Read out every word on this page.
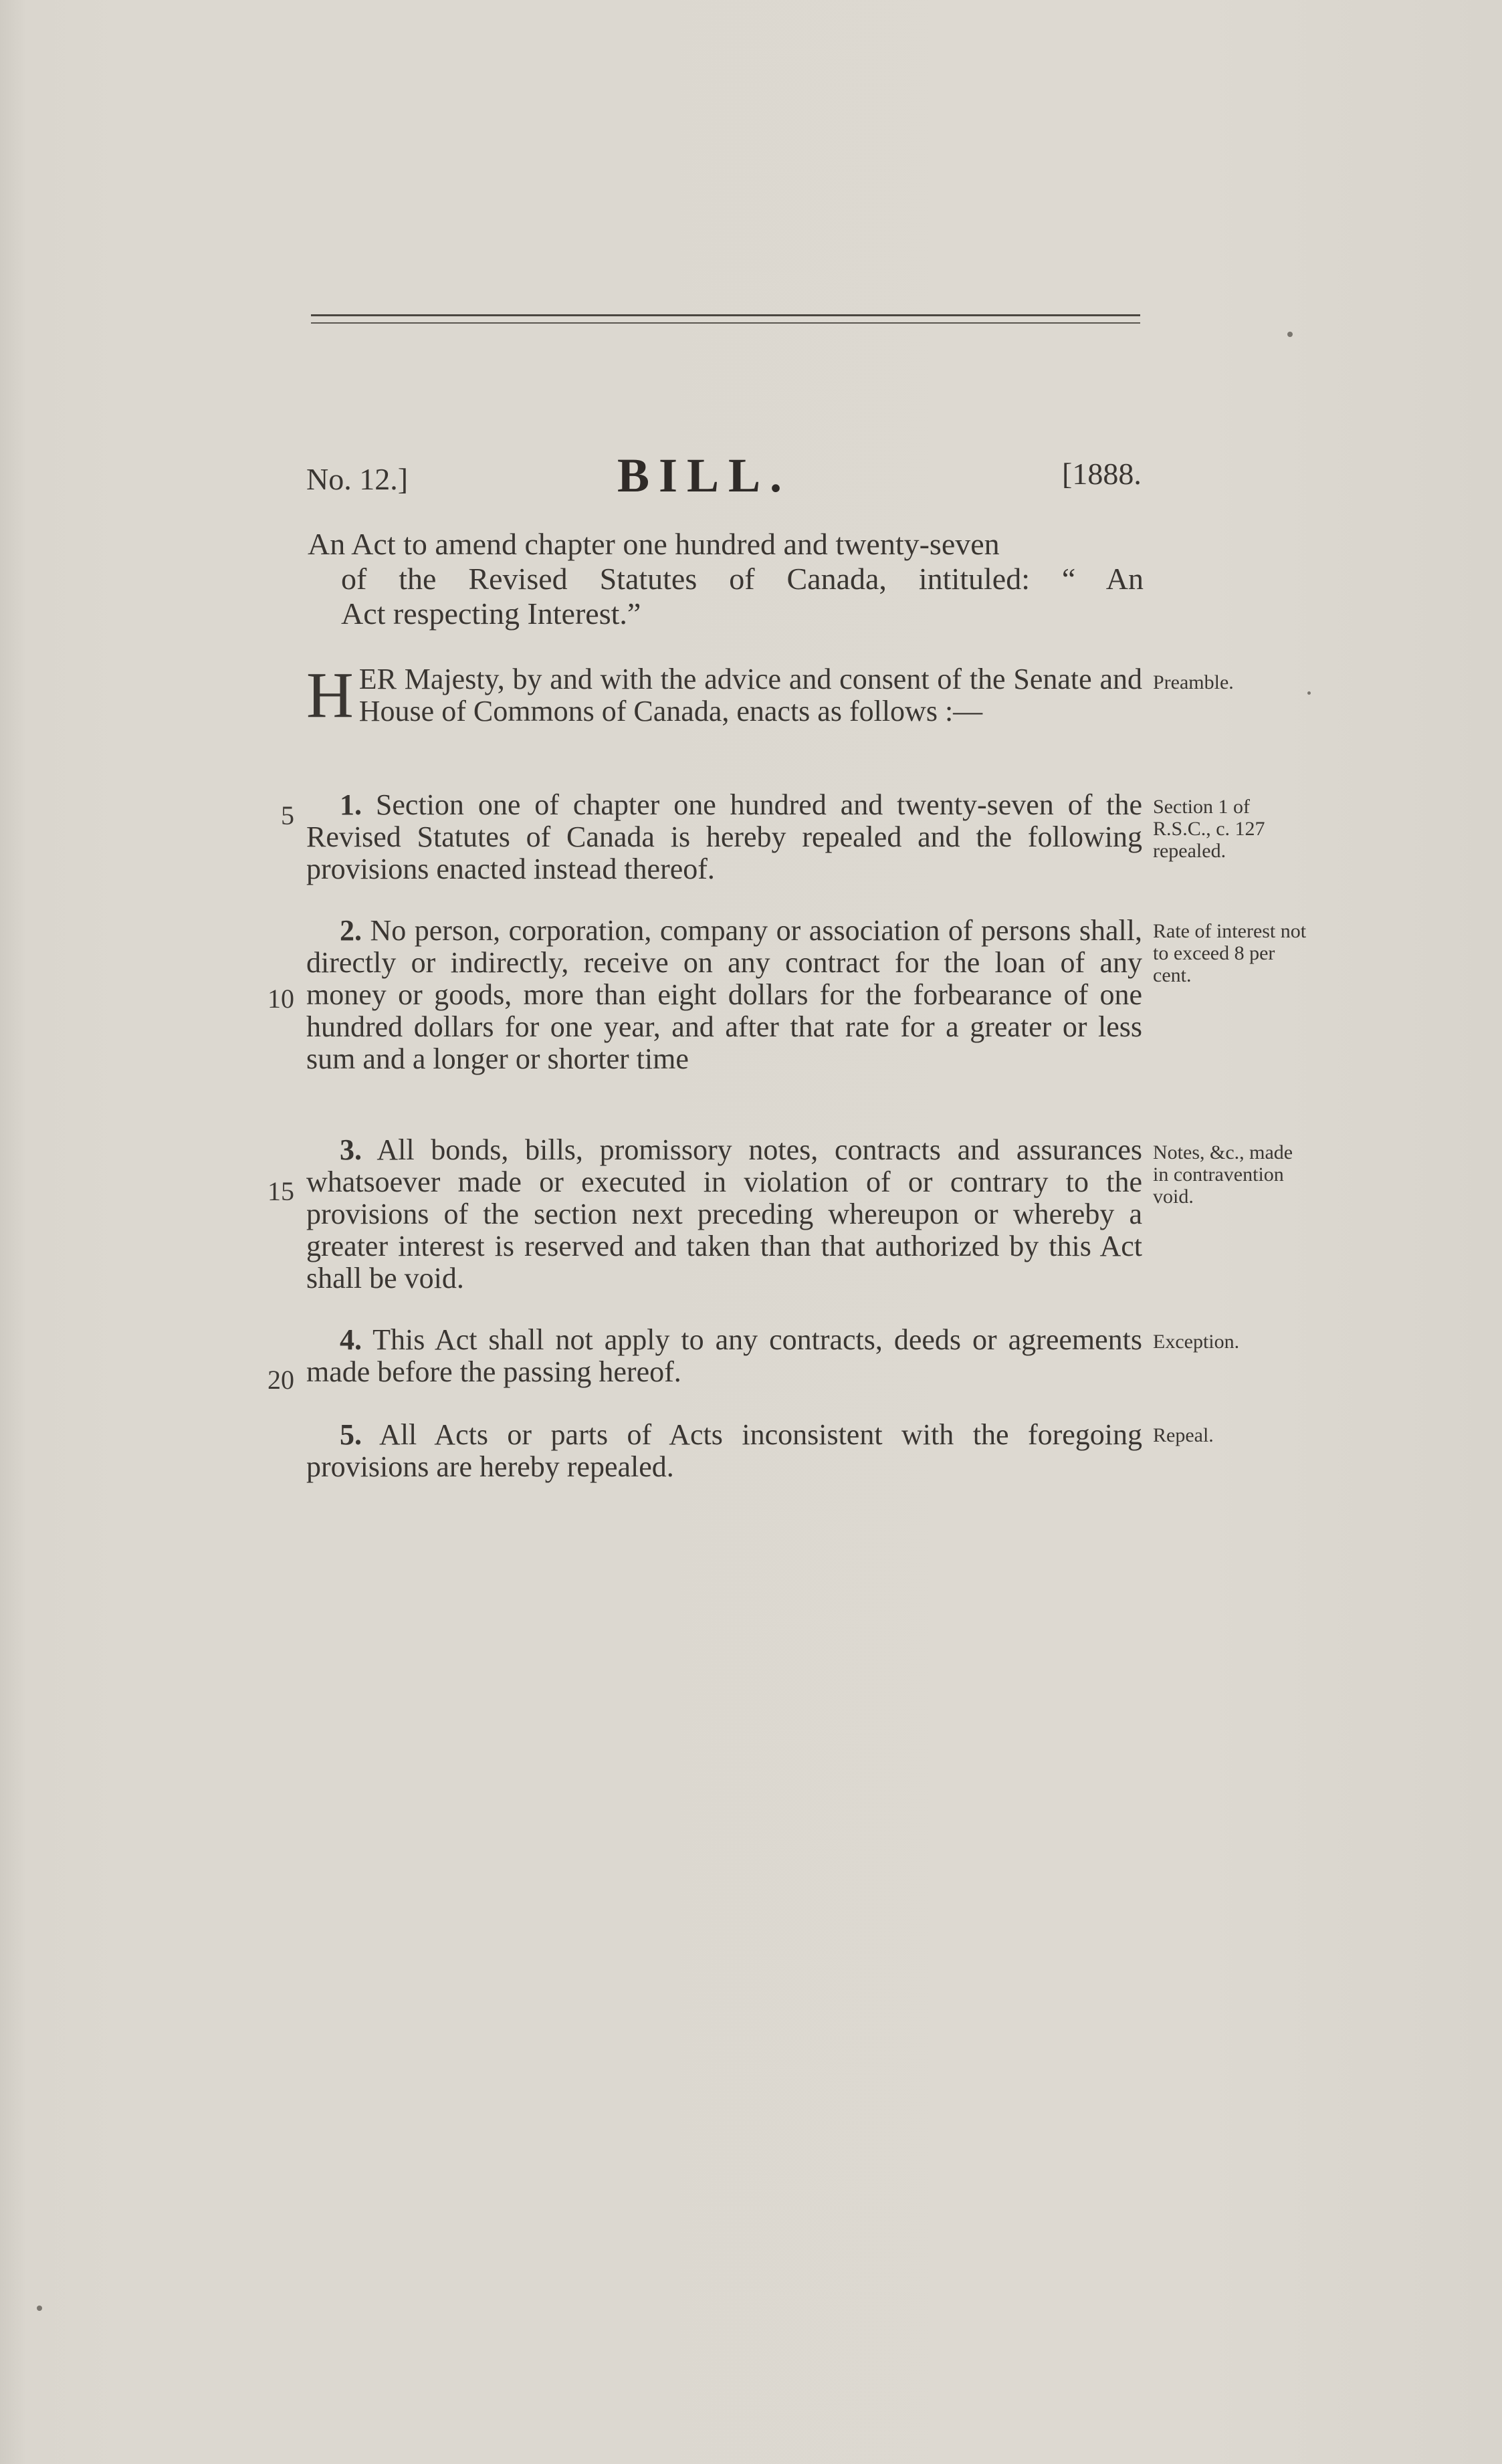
No. 12.]	BILL.	[1888.
An Act to amend chapter one hundred and twenty-seven
of the Revised Statutes of Canada, intituled: “ An
Act respecting Interest.”
HER Majesty, by and with the advice and consent of the Senate and House of Commons of Canada, enacts as follows :—
Preamble.
5	1. Section one of chapter one hundred and twenty-seven of the Revised Statutes of Canada is hereby repealed and the following provisions enacted instead thereof.
Section 1 of R.S.C., c. 127 repealed.
10
2. No person, corporation, company or association of persons shall, directly or indirectly, receive on any contract for the loan of any money or goods, more than eight dollars for the forbearance of one hundred dollars for one year, and after that rate for a greater or less sum and a longer or shorter time
Rate of interest not to exceed 8 per cent.
15
3. All bonds, bills, promissory notes, contracts and assurances whatsoever made or executed in violation of or contrary to the provisions of the section next preceding whereupon or whereby a greater interest is reserved and taken than that authorized by this Act shall be void.
Notes, &c., made in contravention void.
20
4. This Act shall not apply to any contracts, deeds or agreements made before the passing hereof.
Exception.
5. All Acts or parts of Acts inconsistent with the foregoing provisions are hereby repealed.
Repeal.
